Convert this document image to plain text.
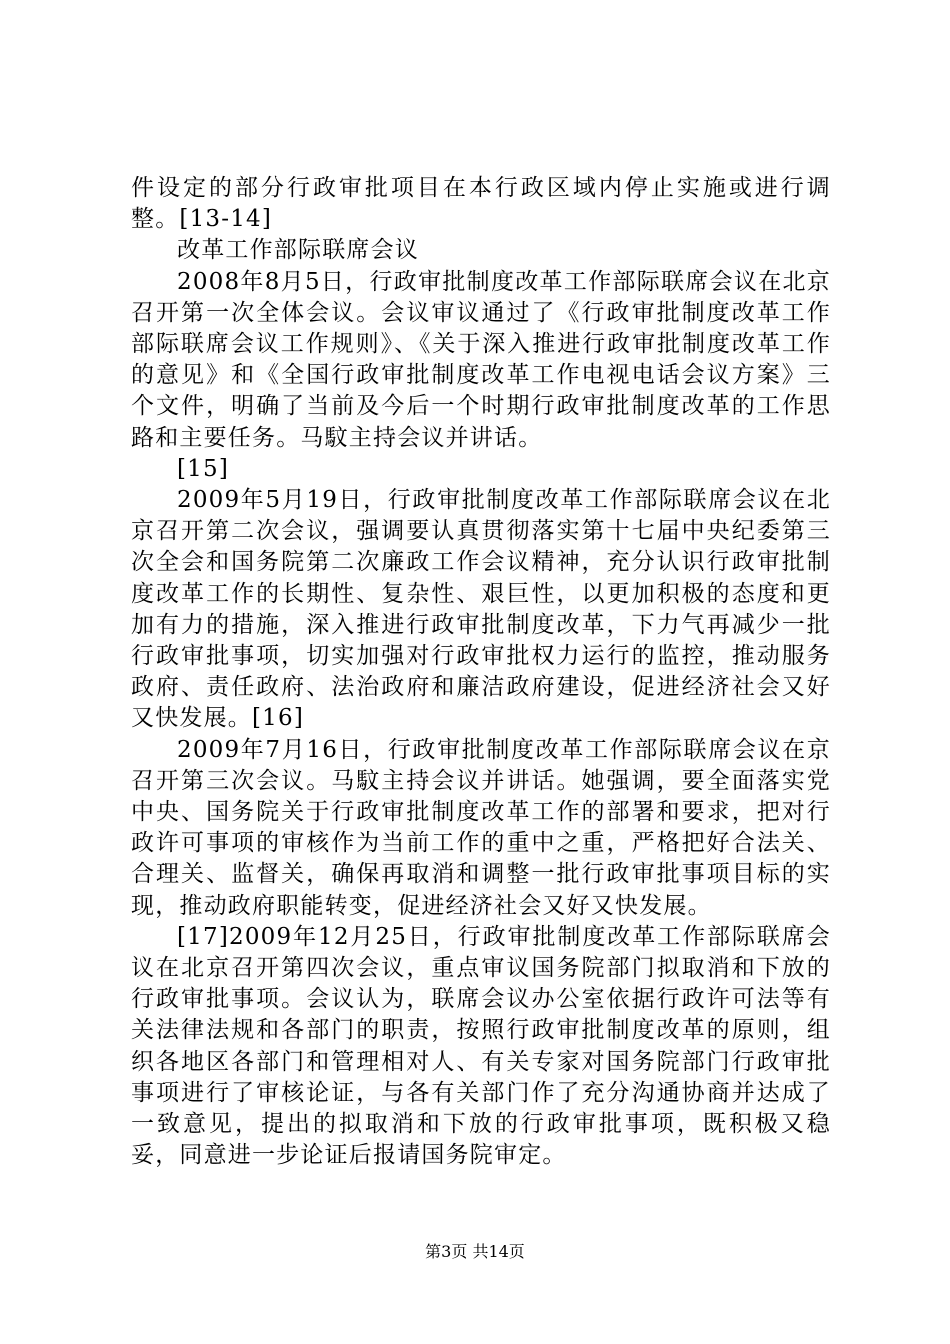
件设定的部分行政审批项目在本行政区域内停止实施或进行调整。[13-14]

改革工作部际联席会议

2008年8月5日，行政审批制度改革工作部际联席会议在北京召开第一次全体会议。会议审议通过了《行政审批制度改革工作部际联席会议工作规则》、《关于深入推进行政审批制度改革工作的意见》和《全国行政审批制度改革工作电视电话会议方案》三个文件，明确了当前及今后一个时期行政审批制度改革的工作思路和主要任务。马馼主持会议并讲话。

[15]

2009年5月19日，行政审批制度改革工作部际联席会议在北京召开第二次会议，强调要认真贯彻落实第十七届中央纪委第三次全会和国务院第二次廉政工作会议精神，充分认识行政审批制度改革工作的长期性、复杂性、艰巨性，以更加积极的态度和更加有力的措施，深入推进行政审批制度改革，下力气再减少一批行政审批事项，切实加强对行政审批权力运行的监控，推动服务政府、责任政府、法治政府和廉洁政府建设，促进经济社会又好又快发展。[16]

2009年7月16日，行政审批制度改革工作部际联席会议在京召开第三次会议。马馼主持会议并讲话。她强调，要全面落实党中央、国务院关于行政审批制度改革工作的部署和要求，把对行政许可事项的审核作为当前工作的重中之重，严格把好合法关、合理关、监督关，确保再取消和调整一批行政审批事项目标的实现，推动政府职能转变，促进经济社会又好又快发展。

[17]2009年12月25日，行政审批制度改革工作部际联席会议在北京召开第四次会议，重点审议国务院部门拟取消和下放的行政审批事项。会议认为，联席会议办公室依据行政许可法等有关法律法规和各部门的职责，按照行政审批制度改革的原则，组织各地区各部门和管理相对人、有关专家对国务院部门行政审批事项进行了审核论证，与各有关部门作了充分沟通协商并达成了一致意见，提出的拟取消和下放的行政审批事项，既积极又稳妥，同意进一步论证后报请国务院审定。

第3页 共14页
